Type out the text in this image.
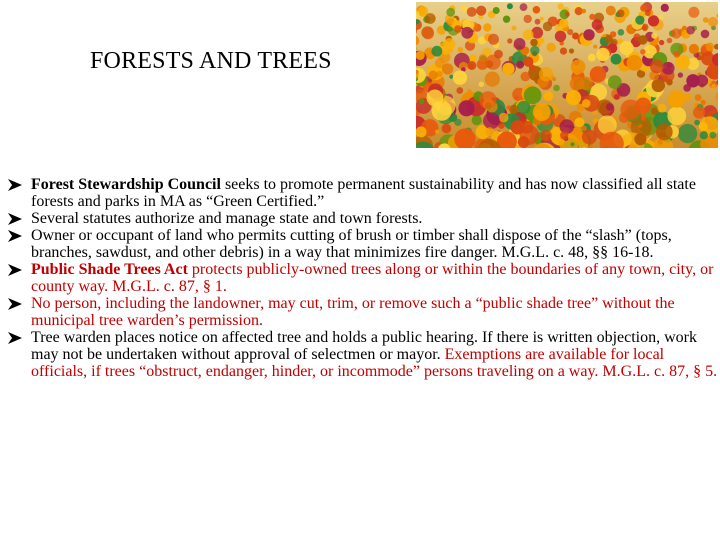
FORESTS AND TREES
Forest Stewardship Council seeks to promote permanent sustainability and has now classified all state forests and parks in MA as “Green Certified.”
Several statutes authorize and manage state and town forests.
Owner or occupant of land who permits cutting of brush or timber shall dispose of the “slash” (tops, branches, sawdust, and other debris) in a way that minimizes fire danger. M.G.L. c. 48, §§ 16-18.
Public Shade Trees Act protects publicly-owned trees along or within the boundaries of any town, city, or county way. M.G.L. c. 87, § 1.
No person, including the landowner, may cut, trim, or remove such a “public shade tree” without the municipal tree warden’s permission.
Tree warden places notice on affected tree and holds a public hearing. If there is written objection, work may not be undertaken without approval of selectmen or mayor. Exemptions are available for local officials, if trees “obstruct, endanger, hinder, or incommode” persons traveling on a way. M.G.L. c. 87, § 5.
